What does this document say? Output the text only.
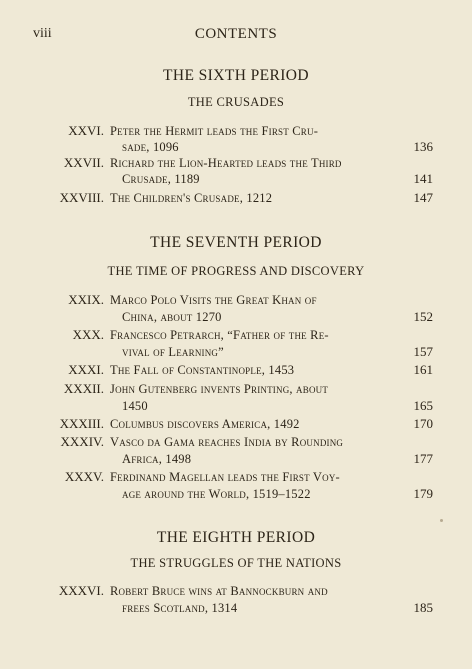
viii	CONTENTS
THE SIXTH PERIOD
THE CRUSADES
XXVI. Peter the Hermit leads the First Cru-
sade, 1096	136
XXVII. Richard the Lion-Hearted leads the Third
Crusade, 1189	141
XXVIII. The Children's Crusade, 1212	147
THE SEVENTH PERIOD
THE TIME OF PROGRESS AND DISCOVERY
XXIX. Marco Polo Visits the Great Khan of
China, about 1270	152
XXX. Francesco Petrarch, “Father of the Re-
vival of Learning”	157
XXXI. The Fall of Constantinople, 1453	161
XXXII. John Gutenberg invents Printing, about
1450	165
XXXIII. Columbus discovers America, 1492	170
XXXIV. Vasco da Gama reaches India by Rounding
Africa, 1498	177
XXXV. Ferdinand Magellan leads the First Voy-
age around the World, 1519–1522	179
THE EIGHTH PERIOD
THE STRUGGLES OF THE NATIONS
XXXVI. Robert Bruce wins at Bannockburn and
frees Scotland, 1314	185
